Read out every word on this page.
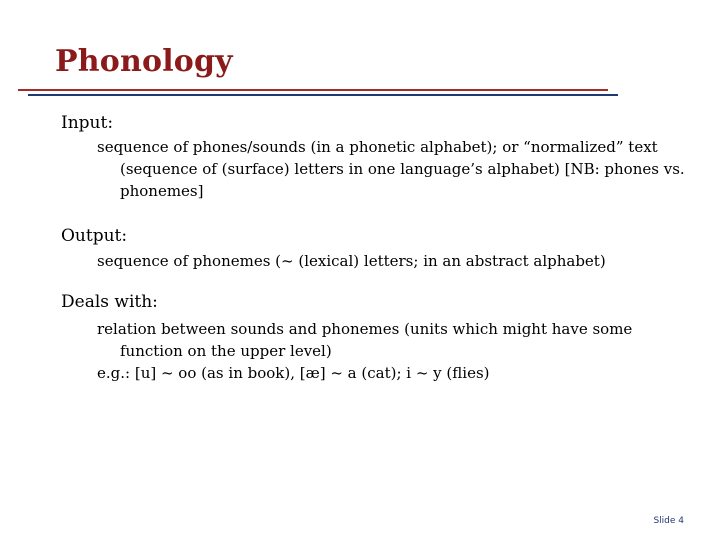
Phonology
Input:

sequence of phones/sounds (in a phonetic alphabet); or “normalized” text (sequence of (surface) letters in one language’s alphabet) [NB: phones vs. phonemes]

Output:

sequence of phonemes (~ (lexical) letters; in an abstract alphabet)

Deals with:

relation between sounds and phonemes (units which might have some function on the upper level)

e.g.: [u] ~ oo (as in book), [æ] ~ a (cat); i ~ y (flies)

Slide 4
